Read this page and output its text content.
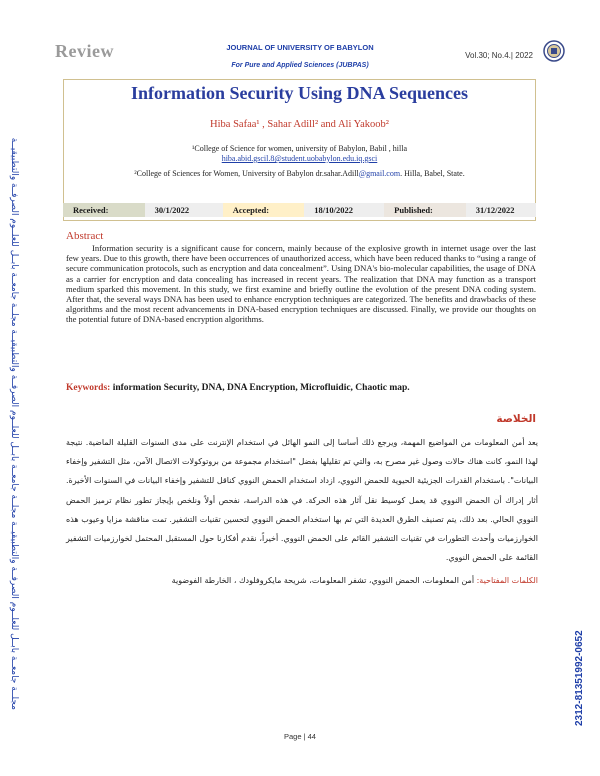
Review	JOURNAL OF UNIVERSITY OF BABYLON
For Pure and Applied Sciences (JUBPAS)
Vol.30; No.4.| 2022
Information Security Using DNA Sequences
Hiba Safaa¹ , Sahar Adill² and Ali Yakoob²
¹College of Science for women, university of Babylon, Babil , hilla
hiba.abid.gscil.8@student.uobabylon.edu.iq.gsci
²College of Sciences for Women, University of Babylon dr.sahar.Adill@gmail.com. Hilla, Babel, State.
Received:	30/1/2022	Accepted:	18/10/2022	Published:	31/12/2022
Abstract

Information security is a significant cause for concern, mainly because of the explosive growth in internet usage over the last few years. Due to this growth, there have been occurrences of unauthorized access, which have been reduced thanks to “using a range of secure communication protocols, such as encryption and data concealment”. Using DNA's bio-molecular capabilities, the usage of DNA as a carrier for encryption and data concealing has increased in recent years. The realization that DNA may function as a transport medium sparked this movement. In this study, we first examine and briefly outline the evolution of the present DNA coding system. After that, the several ways DNA has been used to enhance encryption techniques are categorized. The benefits and drawbacks of these algorithms and the most recent advancements in DNA-based encryption techniques are discussed. Finally, we provide our thoughts on the potential future of DNA-based encryption algorithms.

Keywords: information Security, DNA, DNA Encryption, Microfluidic, Chaotic map.
الخلاصة
يعد أمن المعلومات من المواضيع المهمة، ويرجع ذلك أساسا إلى النمو الهائل في استخدام الإنترنت على مدى السنوات القليلة الماضية. نتيجة لهذا النمو، كانت هناك حالات وصول غير مصرح به، والتي تم تقليلها بفضل "استخدام مجموعة من بروتوكولات الاتصال الآمن، مثل التشفير وإخفاء البيانات". باستخدام القدرات الجزيئية الحيوية للحمض النووي، ازداد استخدام الحمض النووي كناقل للتشفير وإخفاء البيانات في السنوات الأخيرة. أثار إدراك أن الحمض النووي قد يعمل كوسيط نقل آثار هذه الحركة. في هذه الدراسة، نفحص أولاً ونلخص بإيجاز تطور نظام ترميز الحمض النووي الحالي. بعد ذلك، يتم تصنيف الطرق العديدة التي تم بها استخدام الحمض النووي لتحسين تقنيات التشفير. تمت مناقشة مزايا وعيوب هذه الخوارزميات وأحدث التطورات في تقنيات التشفير القائم على الحمض النووي. أخيراً، نقدم أفكارنا حول المستقبل المحتمل لخوارزميات التشفير القائمة على الحمض النووي.
الكلمات المفتاحية: أمن المعلومات، الحمض النووي، تشفر المعلومات، شريحة مايكروفلودك ، الخارطة الفوضوية
Page | 44
مجلــة جامعــة بابــل للعلــوم الصرفــة والتطبيقيــة مجلــة جامعــة بابــل للعلــوم الصرفــة والتطبيقيــة مجلــة جامعــة بابــل للعلــوم الصرفــة والتطبيقيــة	2312-8135
1992-0652
